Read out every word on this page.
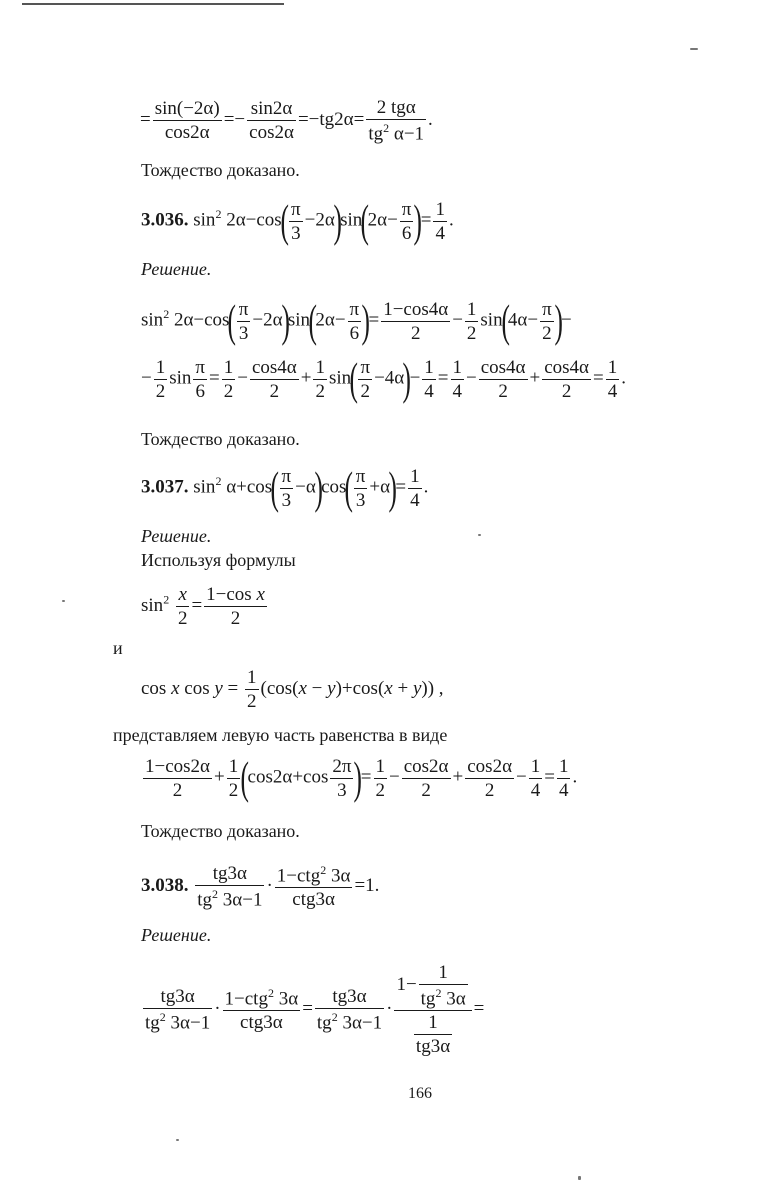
= $\frac{\sin(-2\alpha)}{\cos 2\alpha} =- \frac{\sin 2\alpha}{\cos 2\alpha} =-tg2\alpha= \frac{\text{2 tgα}}{tg^2 \alpha-1}$ .
Тождество доказано.
3.036. $\sin^2 2\alpha-\cos( \frac{\pi}{3} -2\alpha)\sin(2\alpha- \frac{\pi}{6}$ )= $\frac{1}{4}$ .
Решение.
$\sin^2 2\alpha-\cos( \frac{\pi}{3} -2\alpha)\sin(2\alpha- \frac{\pi}{6}$ )= $\frac{1-\cos 4\alpha}{2} - \frac{1}{2} \sin(4\alpha- \frac{\pi}{2}$ )−
− $\frac{1}{2}$ $\sin \frac{\pi}{6} = \frac{1}{2} - \frac{\cos 4\alpha}{2} + \frac{1}{2} \sin( \frac{\pi}{2} -4\alpha)- \frac{1}{4} = \frac{1}{4} - \frac{\cos 4\alpha}{2} + \frac{\cos 4\alpha}{2} = \frac{1}{4}$ .
Тождество доказано.
3.037. $\sin^2 \alpha+\cos( \frac{\pi}{3} -\alpha)\cos( \frac{\pi}{3} +\alpha)= \frac{1}{4}$ .
Решение.
Используя формулы
$\sin^2 \frac{x}{2} = \frac{\text{1−cos x}}{2}$
и
cos x $\cos y = \frac{1}{2} (\cos(x - y)+\cos(x + y))$ ,
представляем левую часть равенства в виде
$\frac{1-\cos 2\alpha}{2} + \frac{1}{2} (\cos 2\alpha+\cos \frac{2\pi}{3}$ )= $\frac{1}{2} - \frac{\cos 2\alpha}{2} + \frac{\cos 2\alpha}{2} - \frac{1}{4} = \frac{1}{4}$ .
Тождество доказано.
3.038. $\frac{tg3\alpha}{tg^2 3\alpha-1} \cdot \frac{1-ctg^2 3\alpha}{\text{ctg3α}} =1$.
Решение.
$\frac{tg3\alpha}{tg^2 3\alpha-1} \cdot \frac{1-ctg^2 3\alpha}{\text{ctg3α}} = \frac{tg3\alpha}{tg^2 3\alpha-1} \cdot \frac{1- \frac{1}{tg^2 3\alpha}}{\frac{1}{tg3\alpha}}$ =
166
